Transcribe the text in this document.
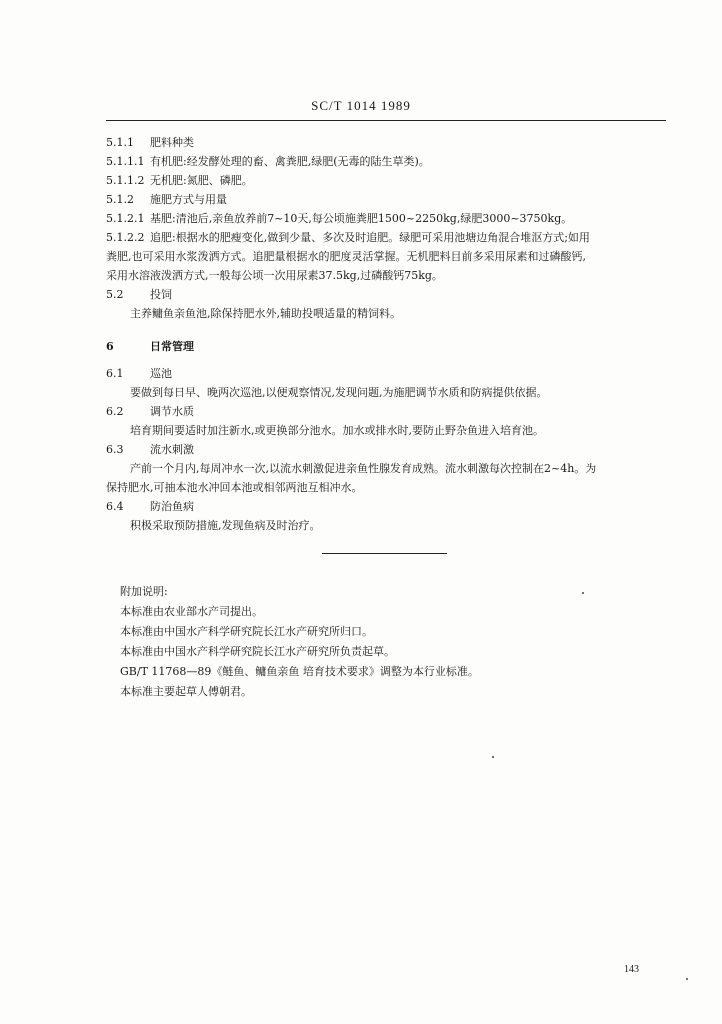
SC/T 1014 1989
5.1.1 肥料种类
5.1.1.1 有机肥:经发酵处理的畜、禽粪肥,绿肥(无毒的陆生草类)。
5.1.1.2 无机肥:氮肥、磷肥。
5.1.2 施肥方式与用量
5.1.2.1 基肥:清池后,亲鱼放养前7~10天,每公顷施粪肥1500~2250kg,绿肥3000~3750kg。
5.1.2.2 追肥:根据水的肥瘦变化,做到少量、多次及时追肥。绿肥可采用池塘边角混合堆沤方式;如用
粪肥,也可采用水浆泼洒方式。追肥量根据水的肥度灵活掌握。无机肥料目前多采用尿素和过磷酸钙,
采用水溶液泼洒方式,一般每公顷一次用尿素37.5kg,过磷酸钙75kg。
5.2 投饲
主养鳙鱼亲鱼池,除保持肥水外,辅助投喂适量的精饲料。
6	日常管理
6.1 巡池
要做到每日早、晚两次巡池,以便观察情况,发现问题,为施肥调节水质和防病提供依据。
6.2 调节水质
培育期间要适时加注新水,或更换部分池水。加水或排水时,要防止野杂鱼进入培育池。
6.3 流水刺激
产前一个月内,每周冲水一次,以流水刺激促进亲鱼性腺发育成熟。流水刺激每次控制在2~4h。为
保持肥水,可抽本池水冲回本池或相邻两池互相冲水。
6.4 防治鱼病
积极采取预防措施,发现鱼病及时治疗。
附加说明:
本标准由农业部水产司提出。
本标准由中国水产科学研究院长江水产研究所归口。
本标准由中国水产科学研究院长江水产研究所负责起草。
GB/T 11768—89《鲢鱼、鳙鱼亲鱼 培育技术要求》调整为本行业标准。
本标准主要起草人傅朝君。
143
